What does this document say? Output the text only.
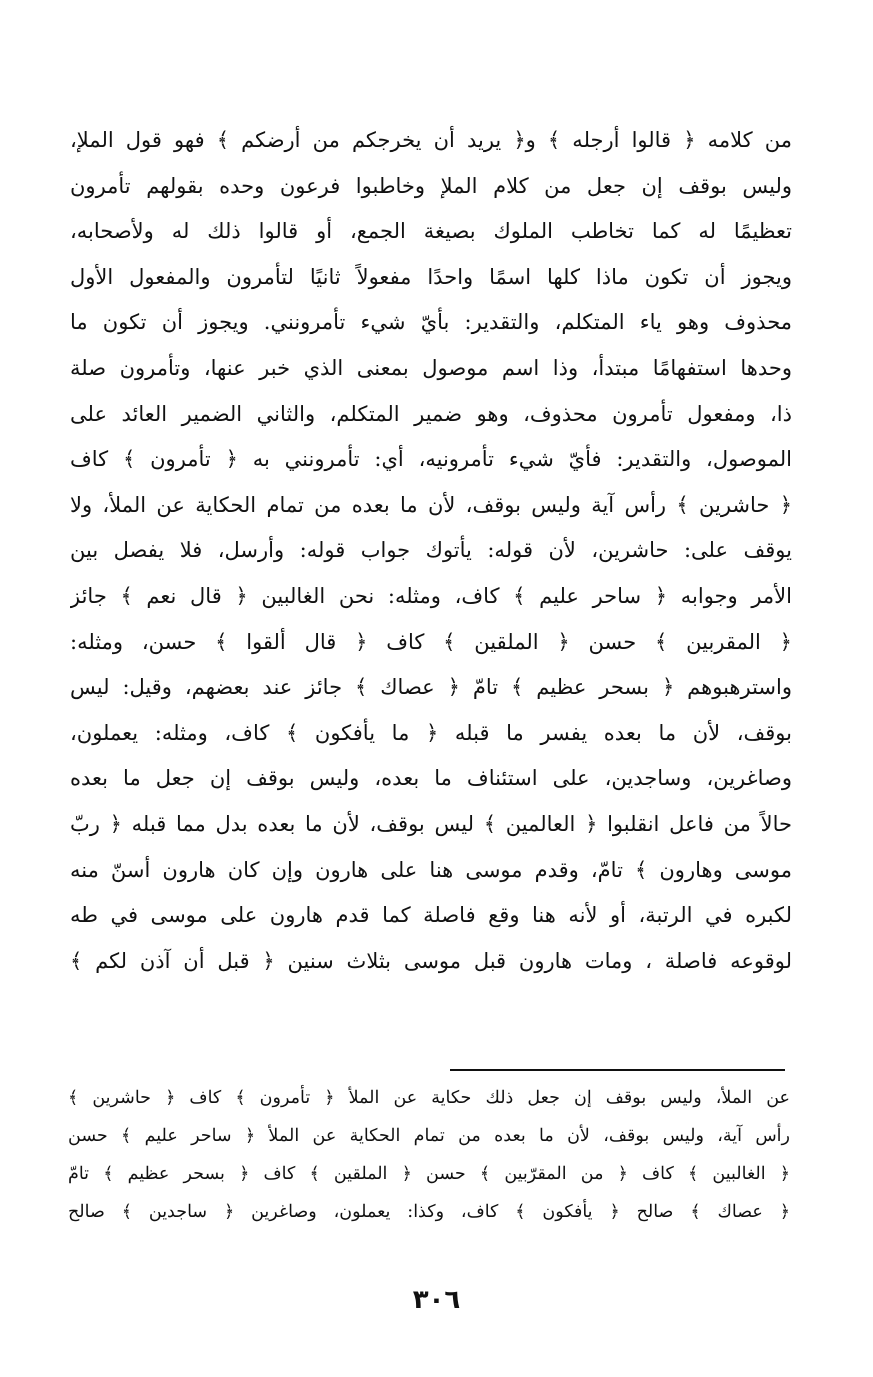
من كلامه ﴿ قالوا أرجله ﴾ و﴿ يريد أن يخرجكم من أرضكم ﴾ فهو قول الملإ،
وليس بوقف إن جعل من كلام الملإ وخاطبوا فرعون وحده بقولهم تأمرون
تعظيمًا له كما تخاطب الملوك بصيغة الجمع، أو قالوا ذلك له ولأصحابه،
ويجوز أن تكون ماذا كلها اسمًا واحدًا مفعولاً ثانيًا لتأمرون والمفعول الأول
محذوف وهو ياء المتكلم، والتقدير: بأيّ شيء تأمرونني. ويجوز أن تكون ما
وحدها استفهامًا مبتدأ، وذا اسم موصول بمعنى الذي خبر عنها، وتأمرون صلة
ذا، ومفعول تأمرون محذوف، وهو ضمير المتكلم، والثاني الضمير العائد على
الموصول، والتقدير: فأيّ شيء تأمرونيه، أي: تأمرونني به ﴿ تأمرون ﴾ كاف
﴿ حاشرين ﴾ رأس آية وليس بوقف، لأن ما بعده من تمام الحكاية عن الملأ، ولا
يوقف على: حاشرين، لأن قوله: يأتوك جواب قوله: وأرسل، فلا يفصل بين
الأمر وجوابه ﴿ ساحر عليم ﴾ كاف، ومثله: نحن الغالبين ﴿ قال نعم ﴾ جائز
﴿ المقربين ﴾ حسن ﴿ الملقين ﴾ كاف ﴿ قال ألقوا ﴾ حسن، ومثله:
واسترهبوهم ﴿ بسحر عظيم ﴾ تامّ ﴿ عصاك ﴾ جائز عند بعضهم، وقيل: ليس
بوقف، لأن ما بعده يفسر ما قبله ﴿ ما يأفكون ﴾ كاف، ومثله: يعملون،
وصاغرين، وساجدين، على استئناف ما بعده، وليس بوقف إن جعل ما بعده
حالاً من فاعل انقلبوا ﴿ العالمين ﴾ ليس بوقف، لأن ما بعده بدل مما قبله ﴿ ربّ
موسى وهارون ﴾ تامّ، وقدم موسى هنا على هارون وإن كان هارون أسنّ منه
لكبره في الرتبة، أو لأنه هنا وقع فاصلة كما قدم هارون على موسى في طه
لوقوعه فاصلة ، ومات هارون قبل موسى بثلاث سنين ﴿ قبل أن آذن لكم ﴾
عن الملأ، وليس بوقف إن جعل ذلك حكاية عن الملأ ﴿ تأمرون ﴾ كاف ﴿ حاشرين ﴾
رأس آية، وليس بوقف، لأن ما بعده من تمام الحكاية عن الملأ ﴿ ساحر عليم ﴾ حسن
﴿ الغالبين ﴾ كاف ﴿ من المقرّبين ﴾ حسن ﴿ الملقين ﴾ كاف ﴿ بسحر عظيم ﴾ تامّ
﴿ عصاك ﴾ صالح ﴿ يأفكون ﴾ كاف، وكذا: يعملون، وصاغرين ﴿ ساجدين ﴾ صالح
٣٠٦
